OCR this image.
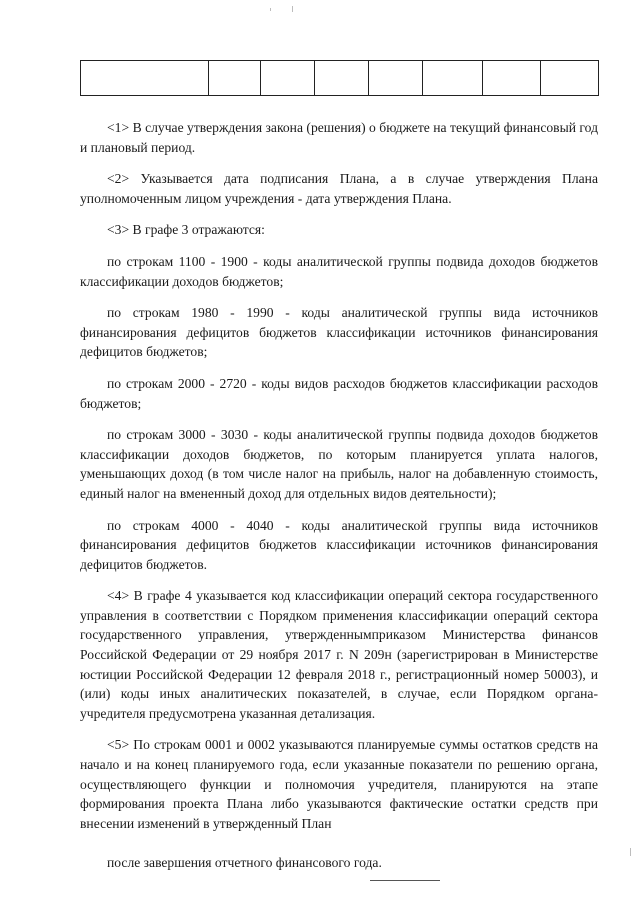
<1> В случае утверждения закона (решения) о бюджете на текущий финансовый год и плановый период.

<2> Указывается дата подписания Плана, а в случае утверждения Плана уполномоченным лицом учреждения - дата утверждения Плана.

<3> В графе 3 отражаются:

по строкам 1100 - 1900 - коды аналитической группы подвида доходов бюджетов классификации доходов бюджетов;

по строкам 1980 - 1990 - коды аналитической группы вида источников финансирования дефицитов бюджетов классификации источников финансирования дефицитов бюджетов;

по строкам 2000 - 2720 - коды видов расходов бюджетов классификации расходов бюджетов;

по строкам 3000 - 3030 - коды аналитической группы подвида доходов бюджетов классификации доходов бюджетов, по которым планируется уплата налогов, уменьшающих доход (в том числе налог на прибыль, налог на добавленную стоимость, единый налог на вмененный доход для отдельных видов деятельности);

по строкам 4000 - 4040 - коды аналитической группы вида источников финансирования дефицитов бюджетов классификации источников финансирования дефицитов бюджетов.

<4> В графе 4 указывается код классификации операций сектора государственного управления в соответствии с Порядком применения классификации операций сектора государственного управления, утвержденнымприказом Министерства финансов Российской Федерации от 29 ноября 2017 г. N 209н (зарегистрирован в Министерстве юстиции Российской Федерации 12 февраля 2018 г., регистрационный номер 50003), и (или) коды иных аналитических показателей, в случае, если Порядком органа-учредителя предусмотрена указанная детализация.

<5> По строкам 0001 и 0002 указываются планируемые суммы остатков средств на начало и на конец планируемого года, если указанные показатели по решению органа, осуществляющего функции и полномочия учредителя, планируются на этапе формирования проекта Плана либо указываются фактические остатки средств при внесении изменений в утвержденный План

после завершения отчетного финансового года.
